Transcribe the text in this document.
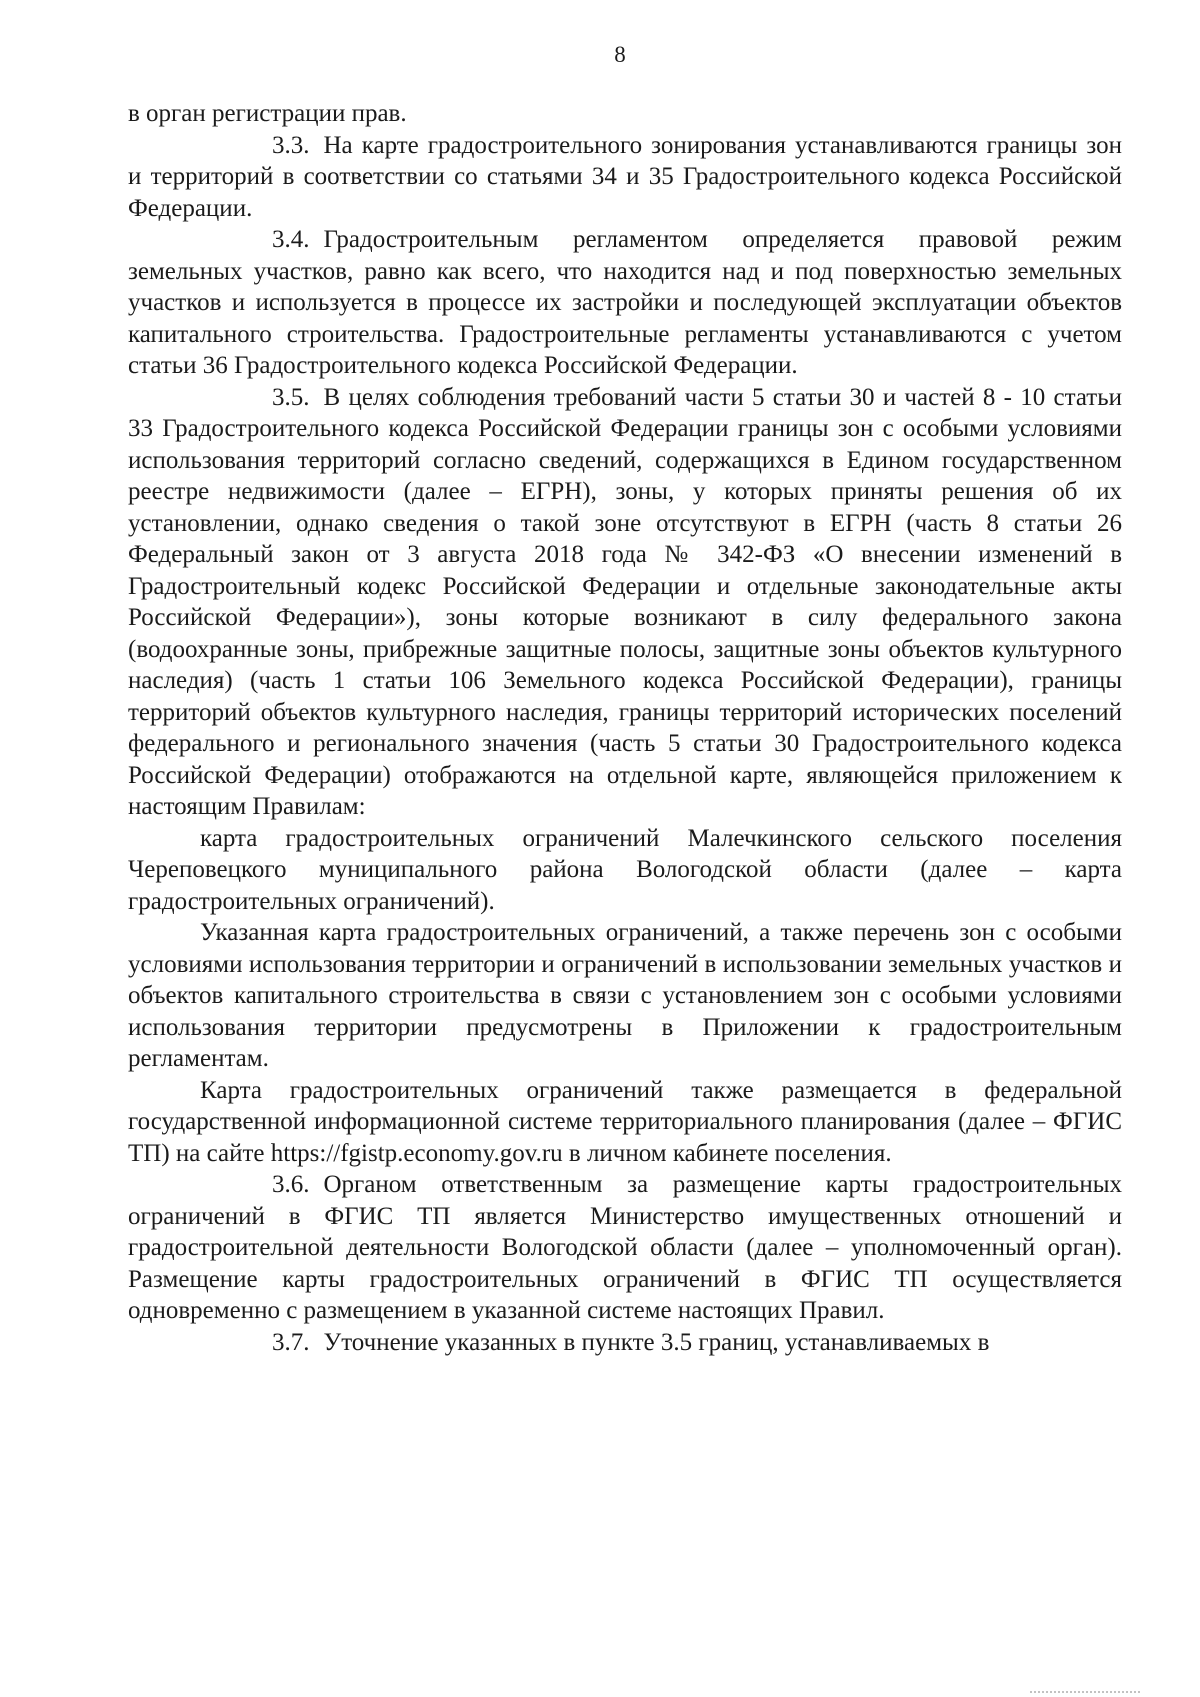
8

в орган регистрации прав.

3.3. На карте градостроительного зонирования устанавливаются границы зон и территорий в соответствии со статьями 34 и 35 Градостроительного кодекса Российской Федерации.

3.4. Градостроительным регламентом определяется правовой режим земельных участков, равно как всего, что находится над и под поверхностью земельных участков и используется в процессе их застройки и последующей эксплуатации объектов капитального строительства. Градостроительные регламенты устанавливаются с учетом статьи 36 Градостроительного кодекса Российской Федерации.

3.5. В целях соблюдения требований части 5 статьи 30 и частей 8 - 10 статьи 33 Градостроительного кодекса Российской Федерации границы зон с особыми условиями использования территорий согласно сведений, содержащихся в Едином государственном реестре недвижимости (далее – ЕГРН), зоны, у которых приняты решения об их установлении, однако сведения о такой зоне отсутствуют в ЕГРН (часть 8 статьи 26 Федеральный закон от 3 августа 2018 года № 342-ФЗ «О внесении изменений в Градостроительный кодекс Российской Федерации и отдельные законодательные акты Российской Федерации»), зоны которые возникают в силу федерального закона (водоохранные зоны, прибрежные защитные полосы, защитные зоны объектов культурного наследия) (часть 1 статьи 106 Земельного кодекса Российской Федерации), границы территорий объектов культурного наследия, границы территорий исторических поселений федерального и регионального значения (часть 5 статьи 30 Градостроительного кодекса Российской Федерации) отображаются на отдельной карте, являющейся приложением к настоящим Правилам:

карта градостроительных ограничений Малечкинского сельского поселения Череповецкого муниципального района Вологодской области (далее – карта градостроительных ограничений).

Указанная карта градостроительных ограничений, а также перечень зон с особыми условиями использования территории и ограничений в использовании земельных участков и объектов капитального строительства в связи с установлением зон с особыми условиями использования территории предусмотрены в Приложении к градостроительным регламентам.

Карта градостроительных ограничений также размещается в федеральной государственной информационной системе территориального планирования (далее – ФГИС ТП) на сайте https://fgistp.economy.gov.ru в личном кабинете поселения.

3.6. Органом ответственным за размещение карты градостроительных ограничений в ФГИС ТП является Министерство имущественных отношений и градостроительной деятельности Вологодской области (далее – уполномоченный орган). Размещение карты градостроительных ограничений в ФГИС ТП осуществляется одновременно с размещением в указанной системе настоящих Правил.

3.7. Уточнение указанных в пункте 3.5 границ, устанавливаемых в
